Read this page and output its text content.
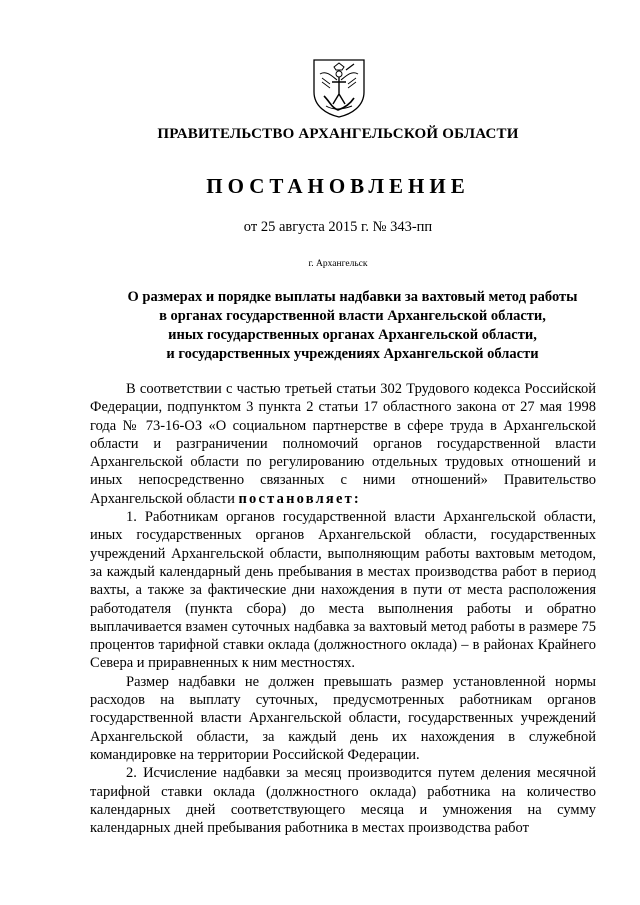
ПРАВИТЕЛЬСТВО АРХАНГЕЛЬСКОЙ ОБЛАСТИ
ПОСТАНОВЛЕНИЕ
от 25 августа 2015 г. № 343-пп
г. Архангельск
О размерах и порядке выплаты надбавки за вахтовый метод работы
в органах государственной власти Архангельской области,
иных государственных органах Архангельской области,
и государственных учреждениях Архангельской области

В соответствии с частью третьей статьи 302 Трудового кодекса Российской Федерации, подпунктом 3 пункта 2 статьи 17 областного закона от 27 мая 1998 года № 73-16-ОЗ «О социальном партнерстве в сфере труда в Архангельской области и разграничении полномочий органов государственной власти Архангельской области по регулированию отдельных трудовых отношений и иных непосредственно связанных с ними отношений» Правительство Архангельской области постановляет:

1. Работникам органов государственной власти Архангельской области, иных государственных органов Архангельской области, государственных учреждений Архангельской области, выполняющим работы вахтовым методом, за каждый календарный день пребывания в местах производства работ в период вахты, а также за фактические дни нахождения в пути от места расположения работодателя (пункта сбора) до места выполнения работы и обратно выплачивается взамен суточных надбавка за вахтовый метод работы в размере 75 процентов тарифной ставки оклада (должностного оклада) – в районах Крайнего Севера и приравненных к ним местностях.

Размер надбавки не должен превышать размер установленной нормы расходов на выплату суточных, предусмотренных работникам органов государственной власти Архангельской области, государственных учреждений Архангельской области, за каждый день их нахождения в служебной командировке на территории Российской Федерации.

2. Исчисление надбавки за месяц производится путем деления месячной тарифной ставки оклада (должностного оклада) работника на количество календарных дней соответствующего месяца и умножения на сумму календарных дней пребывания работника в местах производства работ
